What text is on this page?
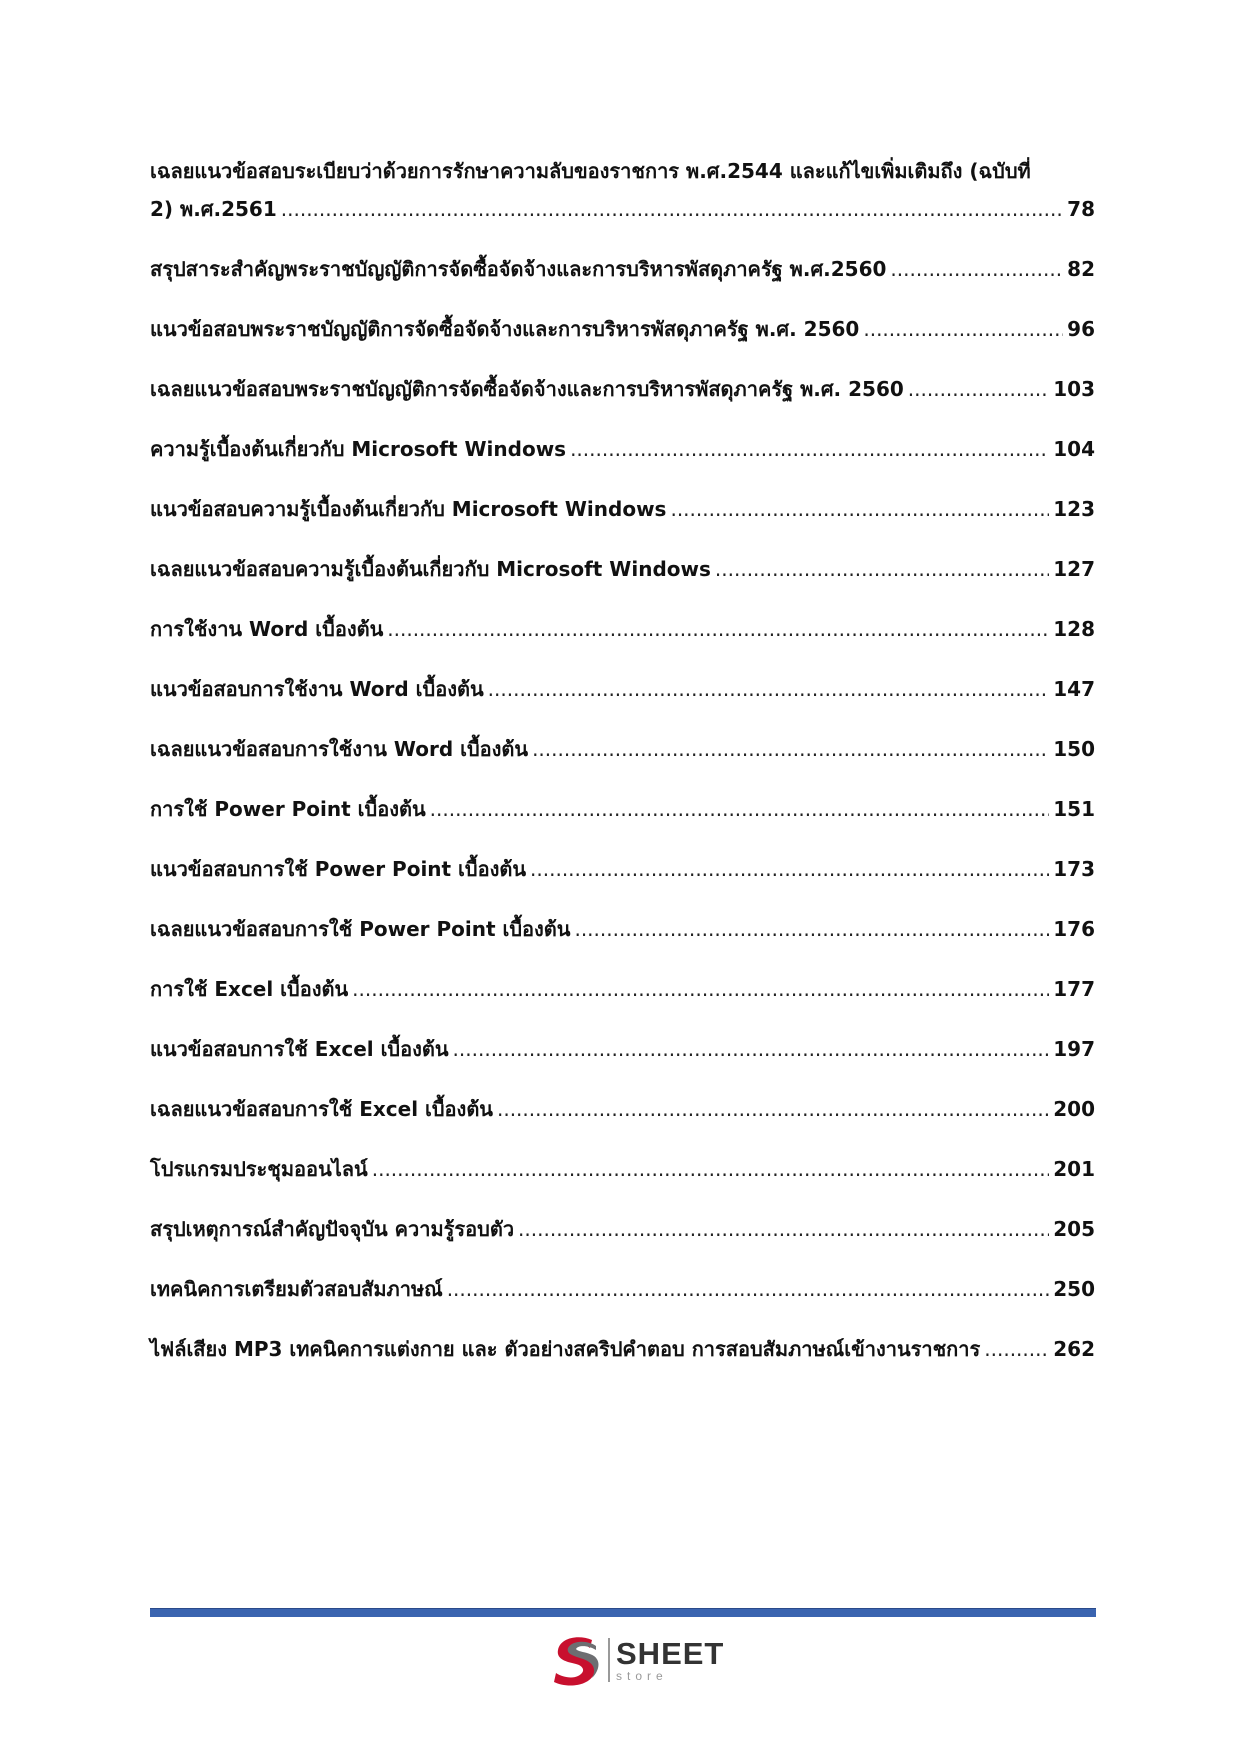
เฉลยแนวข้อสอบระเบียบว่าด้วยการรักษาความลับของราชการ พ.ศ.2544 และแก้ไขเพิ่มเติมถึง (ฉบับที่
2) พ.ศ.2561 .....	78
สรุปสาระสำคัญพระราชบัญญัติการจัดซื้อจัดจ้างและการบริหารพัสดุภาครัฐ พ.ศ.2560 .....	82
แนวข้อสอบพระราชบัญญัติการจัดซื้อจัดจ้างและการบริหารพัสดุภาครัฐ พ.ศ. 2560 .....	96
เฉลยแนวข้อสอบพระราชบัญญัติการจัดซื้อจัดจ้างและการบริหารพัสดุภาครัฐ พ.ศ. 2560 .....	103
ความรู้เบื้องต้นเกี่ยวกับ Microsoft Windows .....	104
แนวข้อสอบความรู้เบื้องต้นเกี่ยวกับ Microsoft Windows .....	123
เฉลยแนวข้อสอบความรู้เบื้องต้นเกี่ยวกับ Microsoft Windows .....	127
การใช้งาน Word เบื้องต้น .....	128
แนวข้อสอบการใช้งาน Word เบื้องต้น .....	147
เฉลยแนวข้อสอบการใช้งาน Word เบื้องต้น .....	150
การใช้ Power Point เบื้องต้น .....	151
แนวข้อสอบการใช้ Power Point เบื้องต้น .....	173
เฉลยแนวข้อสอบการใช้ Power Point เบื้องต้น .....	176
การใช้ Excel เบื้องต้น .....	177
แนวข้อสอบการใช้ Excel เบื้องต้น .....	197
เฉลยแนวข้อสอบการใช้ Excel เบื้องต้น .....	200
โปรแกรมประชุมออนไลน์ .....	201
สรุปเหตุการณ์สำคัญปัจจุบัน ความรู้รอบตัว .....	205
เทคนิคการเตรียมตัวสอบสัมภาษณ์ .....	250
ไฟล์เสียง MP3 เทคนิคการแต่งกาย และ ตัวอย่างสคริปคำตอบ การสอบสัมภาษณ์เข้างานราชการ .....	262
SHEET
store
